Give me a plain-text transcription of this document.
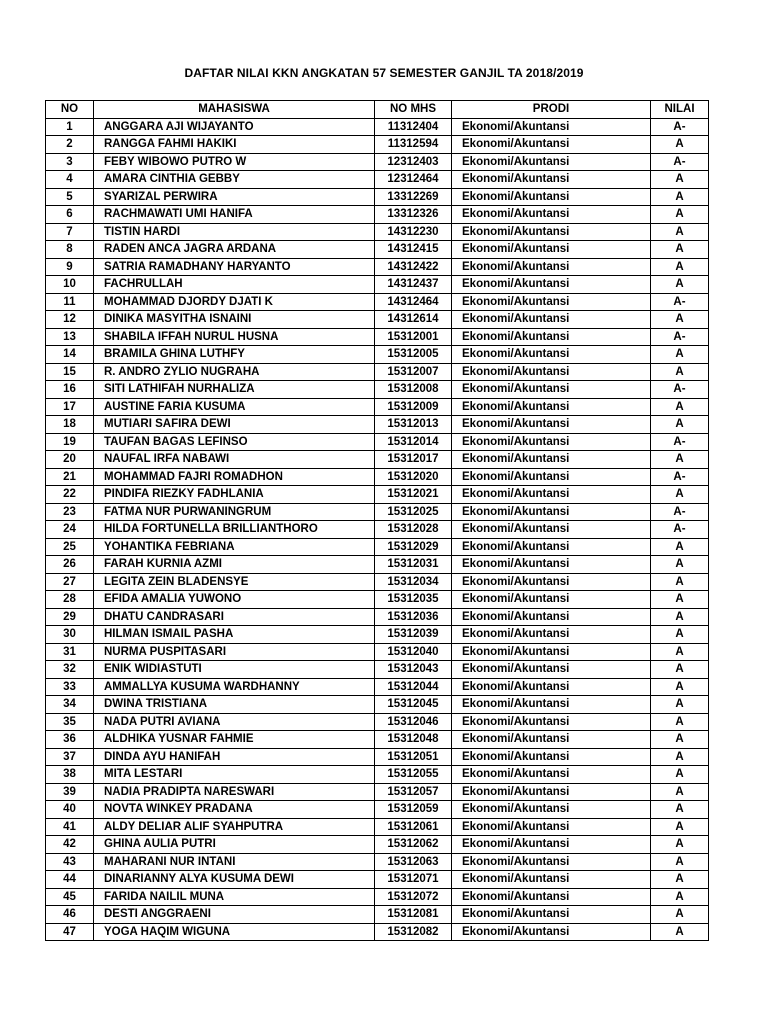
DAFTAR NILAI KKN ANGKATAN 57 SEMESTER GANJIL TA 2018/2019
NO	MAHASISWA	NO MHS	PRODI	NILAI
1	ANGGARA AJI WIJAYANTO	11312404	Ekonomi/Akuntansi	A-
2	RANGGA FAHMI HAKIKI	11312594	Ekonomi/Akuntansi	A
3	FEBY WIBOWO PUTRO W	12312403	Ekonomi/Akuntansi	A-
4	AMARA CINTHIA GEBBY	12312464	Ekonomi/Akuntansi	A
5	SYARIZAL PERWIRA	13312269	Ekonomi/Akuntansi	A
6	RACHMAWATI UMI HANIFA	13312326	Ekonomi/Akuntansi	A
7	TISTIN HARDI	14312230	Ekonomi/Akuntansi	A
8	RADEN ANCA JAGRA ARDANA	14312415	Ekonomi/Akuntansi	A
9	SATRIA RAMADHANY HARYANTO	14312422	Ekonomi/Akuntansi	A
10	FACHRULLAH	14312437	Ekonomi/Akuntansi	A
11	MOHAMMAD DJORDY DJATI K	14312464	Ekonomi/Akuntansi	A-
12	DINIKA MASYITHA ISNAINI	14312614	Ekonomi/Akuntansi	A
13	SHABILA IFFAH NURUL HUSNA	15312001	Ekonomi/Akuntansi	A-
14	BRAMILA GHINA LUTHFY	15312005	Ekonomi/Akuntansi	A
15	R. ANDRO ZYLIO NUGRAHA	15312007	Ekonomi/Akuntansi	A
16	SITI LATHIFAH NURHALIZA	15312008	Ekonomi/Akuntansi	A-
17	AUSTINE FARIA KUSUMA	15312009	Ekonomi/Akuntansi	A
18	MUTIARI SAFIRA DEWI	15312013	Ekonomi/Akuntansi	A
19	TAUFAN BAGAS LEFINSO	15312014	Ekonomi/Akuntansi	A-
20	NAUFAL IRFA NABAWI	15312017	Ekonomi/Akuntansi	A
21	MOHAMMAD FAJRI ROMADHON	15312020	Ekonomi/Akuntansi	A-
22	PINDIFA RIEZKY FADHLANIA	15312021	Ekonomi/Akuntansi	A
23	FATMA NUR PURWANINGRUM	15312025	Ekonomi/Akuntansi	A-
24	HILDA FORTUNELLA BRILLIANTHORO	15312028	Ekonomi/Akuntansi	A-
25	YOHANTIKA FEBRIANA	15312029	Ekonomi/Akuntansi	A
26	FARAH KURNIA AZMI	15312031	Ekonomi/Akuntansi	A
27	LEGITA ZEIN BLADENSYE	15312034	Ekonomi/Akuntansi	A
28	EFIDA AMALIA YUWONO	15312035	Ekonomi/Akuntansi	A
29	DHATU CANDRASARI	15312036	Ekonomi/Akuntansi	A
30	HILMAN ISMAIL PASHA	15312039	Ekonomi/Akuntansi	A
31	NURMA PUSPITASARI	15312040	Ekonomi/Akuntansi	A
32	ENIK WIDIASTUTI	15312043	Ekonomi/Akuntansi	A
33	AMMALLYA KUSUMA WARDHANNY	15312044	Ekonomi/Akuntansi	A
34	DWINA TRISTIANA	15312045	Ekonomi/Akuntansi	A
35	NADA PUTRI AVIANA	15312046	Ekonomi/Akuntansi	A
36	ALDHIKA YUSNAR FAHMIE	15312048	Ekonomi/Akuntansi	A
37	DINDA AYU HANIFAH	15312051	Ekonomi/Akuntansi	A
38	MITA LESTARI	15312055	Ekonomi/Akuntansi	A
39	NADIA PRADIPTA NARESWARI	15312057	Ekonomi/Akuntansi	A
40	NOVTA WINKEY PRADANA	15312059	Ekonomi/Akuntansi	A
41	ALDY DELIAR ALIF SYAHPUTRA	15312061	Ekonomi/Akuntansi	A
42	GHINA AULIA PUTRI	15312062	Ekonomi/Akuntansi	A
43	MAHARANI NUR INTANI	15312063	Ekonomi/Akuntansi	A
44	DINARIANNY ALYA KUSUMA DEWI	15312071	Ekonomi/Akuntansi	A
45	FARIDA NAILIL MUNA	15312072	Ekonomi/Akuntansi	A
46	DESTI ANGGRAENI	15312081	Ekonomi/Akuntansi	A
47	YOGA HAQIM WIGUNA	15312082	Ekonomi/Akuntansi	A
